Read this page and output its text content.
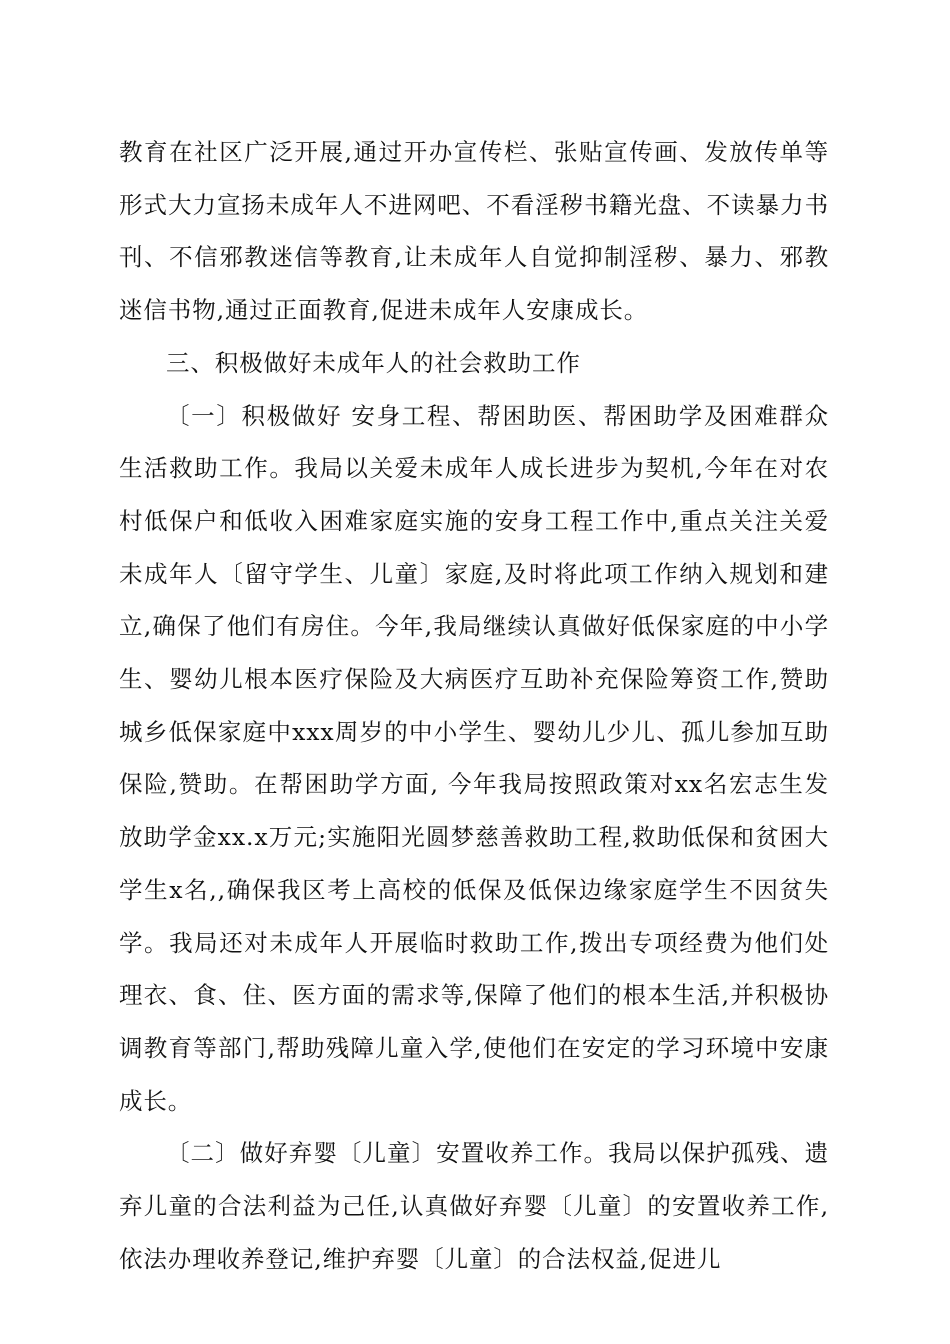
教育在社区广泛开展,通过开办宣传栏、张贴宣传画、发放传单等形式大力宣扬未成年人不进网吧、不看淫秽书籍光盘、不读暴力书刊、不信邪教迷信等教育,让未成年人自觉抑制淫秽、暴力、邪教迷信书物,通过正面教育,促进未成年人安康成长。

三、积极做好未成年人的社会救助工作

〔一〕积极做好 安身工程、帮困助医、帮困助学及困难群众生活救助工作。我局以关爱未成年人成长进步为契机,今年在对农村低保户和低收入困难家庭实施的安身工程工作中,重点关注关爱未成年人〔留守学生、儿童〕家庭,及时将此项工作纳入规划和建立,确保了他们有房住。今年,我局继续认真做好低保家庭的中小学生、婴幼儿根本医疗保险及大病医疗互助补充保险筹资工作,赞助城乡低保家庭中xxx周岁的中小学生、婴幼儿少儿、孤儿参加互助保险,赞助。在帮困助学方面, 今年我局按照政策对xx名宏志生发放助学金xx.x万元;实施阳光圆梦慈善救助工程,救助低保和贫困大学生x名,,确保我区考上高校的低保及低保边缘家庭学生不因贫失学。我局还对未成年人开展临时救助工作,拨出专项经费为他们处理衣、食、住、医方面的需求等,保障了他们的根本生活,并积极协调教育等部门,帮助残障儿童入学,使他们在安定的学习环境中安康成长。

〔二〕做好弃婴〔儿童〕安置收养工作。我局以保护孤残、遗弃儿童的合法利益为己任,认真做好弃婴〔儿童〕的安置收养工作,依法办理收养登记,维护弃婴〔儿童〕的合法权益,促进儿
